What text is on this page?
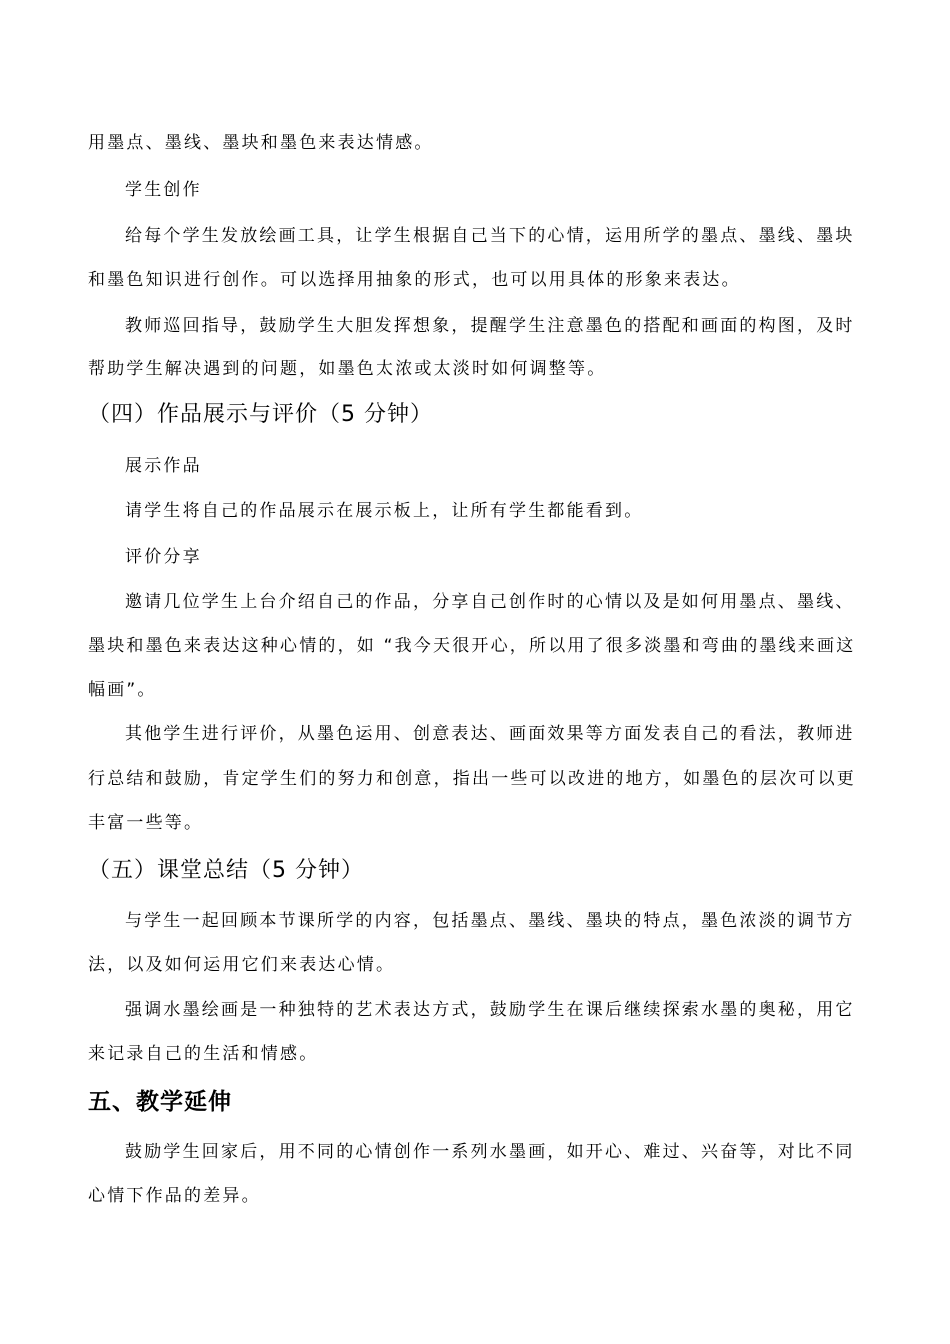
用墨点、墨线、墨块和墨色来表达情感。
学生创作
给每个学生发放绘画工具，让学生根据自己当下的心情，运用所学的墨点、墨线、墨块
和墨色知识进行创作。可以选择用抽象的形式，也可以用具体的形象来表达。
教师巡回指导，鼓励学生大胆发挥想象，提醒学生注意墨色的搭配和画面的构图，及时
帮助学生解决遇到的问题，如墨色太浓或太淡时如何调整等。
（四）作品展示与评价（5 分钟）
展示作品
请学生将自己的作品展示在展示板上，让所有学生都能看到。
评价分享
邀请几位学生上台介绍自己的作品，分享自己创作时的心情以及是如何用墨点、墨线、
墨块和墨色来表达这种心情的，如 “我今天很开心，所以用了很多淡墨和弯曲的墨线来画这
幅画”。
其他学生进行评价，从墨色运用、创意表达、画面效果等方面发表自己的看法，教师进
行总结和鼓励，肯定学生们的努力和创意，指出一些可以改进的地方，如墨色的层次可以更
丰富一些等。
（五）课堂总结（5 分钟）
与学生一起回顾本节课所学的内容，包括墨点、墨线、墨块的特点，墨色浓淡的调节方
法，以及如何运用它们来表达心情。
强调水墨绘画是一种独特的艺术表达方式，鼓励学生在课后继续探索水墨的奥秘，用它
来记录自己的生活和情感。
五、教学延伸
鼓励学生回家后，用不同的心情创作一系列水墨画，如开心、难过、兴奋等，对比不同
心情下作品的差异。
